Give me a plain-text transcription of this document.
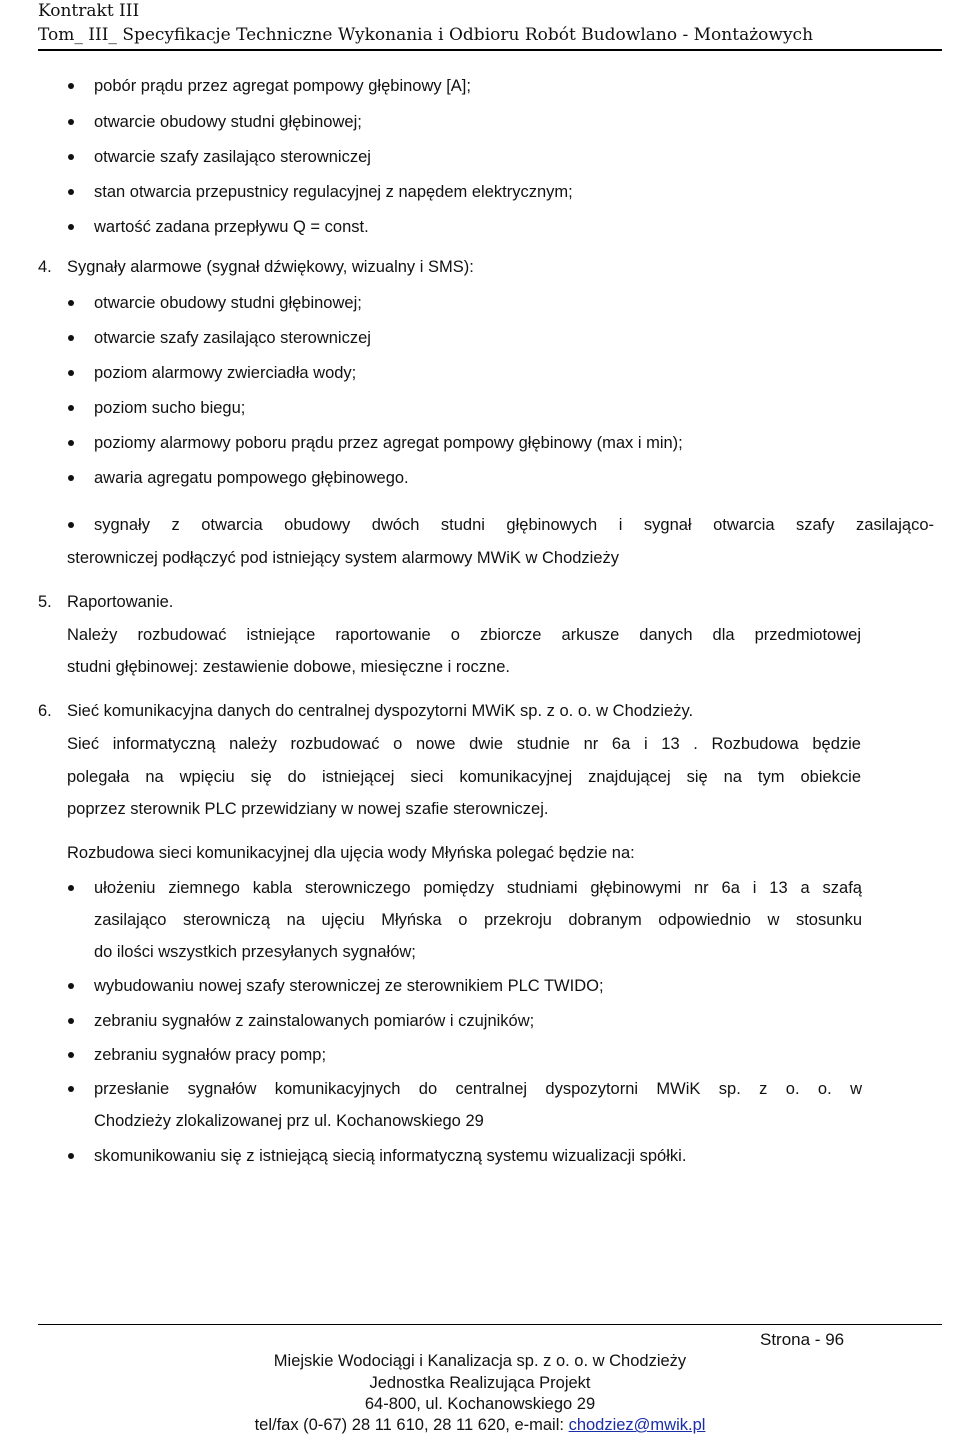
Kontrakt III
Tom_ III_ Specyfikacje Techniczne Wykonania i Odbioru Robót Budowlano - Montażowych
pobór prądu przez agregat pompowy głębinowy [A];
otwarcie obudowy studni głębinowej;
otwarcie szafy zasilająco sterowniczej
stan otwarcia przepustnicy regulacyjnej z napędem elektrycznym;
wartość zadana przepływu Q = const.
4. Sygnały alarmowe (sygnał dźwiękowy, wizualny i SMS):
otwarcie obudowy studni głębinowej;
otwarcie szafy zasilająco sterowniczej
poziom alarmowy zwierciadła wody;
poziom sucho biegu;
poziomy alarmowy poboru prądu przez agregat pompowy głębinowy (max i min);
awaria agregatu pompowego głębinowego.
sygnały z otwarcia obudowy dwóch studni głębinowych i sygnał otwarcia szafy zasilająco-
sterowniczej podłączyć pod istniejący system alarmowy MWiK w Chodzieży
5. Raportowanie.
Należy rozbudować istniejące raportowanie o zbiorcze arkusze danych dla przedmiotowej
studni głębinowej: zestawienie dobowe, miesięczne i roczne.
6. Sieć komunikacyjna danych do centralnej dyspozytorni MWiK sp. z o. o. w Chodzieży.
Sieć informatyczną należy rozbudować o nowe dwie studnie nr 6a i 13 . Rozbudowa będzie
polegała na wpięciu się do istniejącej sieci komunikacyjnej znajdującej się na tym obiekcie
poprzez sterownik PLC przewidziany w nowej szafie sterowniczej.
Rozbudowa sieci komunikacyjnej dla ujęcia wody Młyńska polegać będzie na:
ułożeniu ziemnego kabla sterowniczego pomiędzy studniami głębinowymi nr 6a i 13 a szafą
zasilająco sterowniczą na ujęciu Młyńska o przekroju dobranym odpowiednio w stosunku
do ilości wszystkich przesyłanych sygnałów;
wybudowaniu nowej szafy sterowniczej ze sterownikiem PLC TWIDO;
zebraniu sygnałów z zainstalowanych pomiarów i czujników;
zebraniu sygnałów pracy pomp;
przesłanie sygnałów komunikacyjnych do centralnej dyspozytorni MWiK sp. z o. o. w
Chodzieży zlokalizowanej prz ul. Kochanowskiego 29
skomunikowaniu się z istniejącą siecią informatyczną systemu wizualizacji spółki.
Strona - 96
Miejskie Wodociągi i Kanalizacja sp. z o. o. w Chodzieży
Jednostka Realizująca Projekt
64-800, ul. Kochanowskiego 29
tel/fax (0-67) 28 11 610, 28 11 620, e-mail: chodziez@mwik.pl
